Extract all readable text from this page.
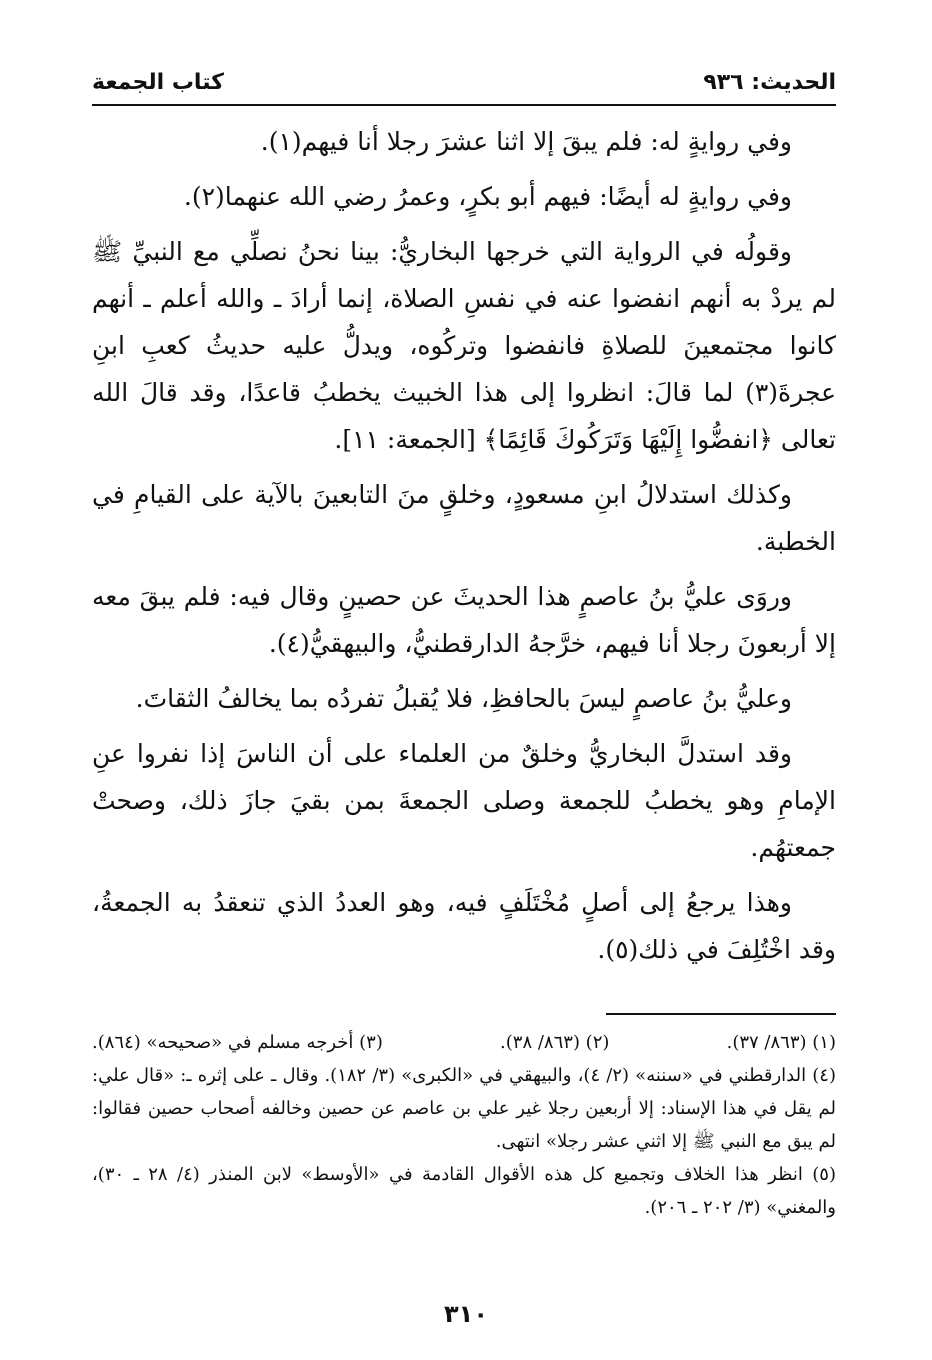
الحديث: ٩٣٦
كتاب الجمعة

وفي روايةٍ له: فلم يبقَ إلا اثنا عشرَ رجلا أنا فيهم(١).

وفي روايةٍ له أيضًا: فيهم أبو بكرٍ، وعمرُ رضي الله عنهما(٢).

وقولُه في الرواية التي خرجها البخاريُّ: بينا نحنُ نصلِّي مع النبيِّ ﷺ لم يردْ به أنهم انفضوا عنه في نفسِ الصلاة، إنما أرادَ ـ والله أعلم ـ أنهم كانوا مجتمعينَ للصلاةِ فانفضوا وتركُوه، ويدلُّ عليه حديثُ كعبِ ابنِ عجرةَ(٣) لما قالَ: انظروا إلى هذا الخبيث يخطبُ قاعدًا، وقد قالَ الله تعالى ﴿انفضُّوا إِلَيْهَا وَتَرَكُوكَ قَائِمًا﴾ [الجمعة: ١١].

وكذلك استدلالُ ابنِ مسعودٍ، وخلقٍ منَ التابعينَ بالآية على القيامِ في الخطبة.

وروَى عليُّ بنُ عاصمٍ هذا الحديثَ عن حصينٍ وقال فيه: فلم يبقَ معه إلا أربعونَ رجلا أنا فيهم، خرَّجهُ الدارقطنيُّ، والبيهقيُّ(٤).

وعليُّ بنُ عاصمٍ ليسَ بالحافظِ، فلا يُقبلُ تفردُه بما يخالفُ الثقاتَ.

وقد استدلَّ البخاريُّ وخلقٌ من العلماء على أن الناسَ إذا نفروا عنِ الإمامِ وهو يخطبُ للجمعة وصلى الجمعةَ بمن بقيَ جازَ ذلك، وصحتْ جمعتهُم.

وهذا يرجعُ إلى أصلٍ مُخْتَلَفٍ فيه، وهو العددُ الذي تنعقدُ به الجمعةُ، وقد اخْتُلِفَ في ذلك(٥).

(١) (٨٦٣/ ٣٧).
(٢) (٨٦٣/ ٣٨).
(٣) أخرجه مسلم في «صحيحه» (٨٦٤).

(٤) الدارقطني في «سننه» (٢/ ٤)، والبيهقي في «الكبرى» (٣/ ١٨٢). وقال ـ على إثره ـ: «قال علي: لم يقل في هذا الإسناد: إلا أربعين رجلا غير علي بن عاصم عن حصين وخالفه أصحاب حصين فقالوا: لم يبق مع النبي ﷺ إلا اثني عشر رجلا» انتهى.

(٥) انظر هذا الخلاف وتجميع كل هذه الأقوال القادمة في «الأوسط» لابن المنذر (٤/ ٢٨ ـ ٣٠)، والمغني» (٣/ ٢٠٢ ـ ٢٠٦).

٣١٠
